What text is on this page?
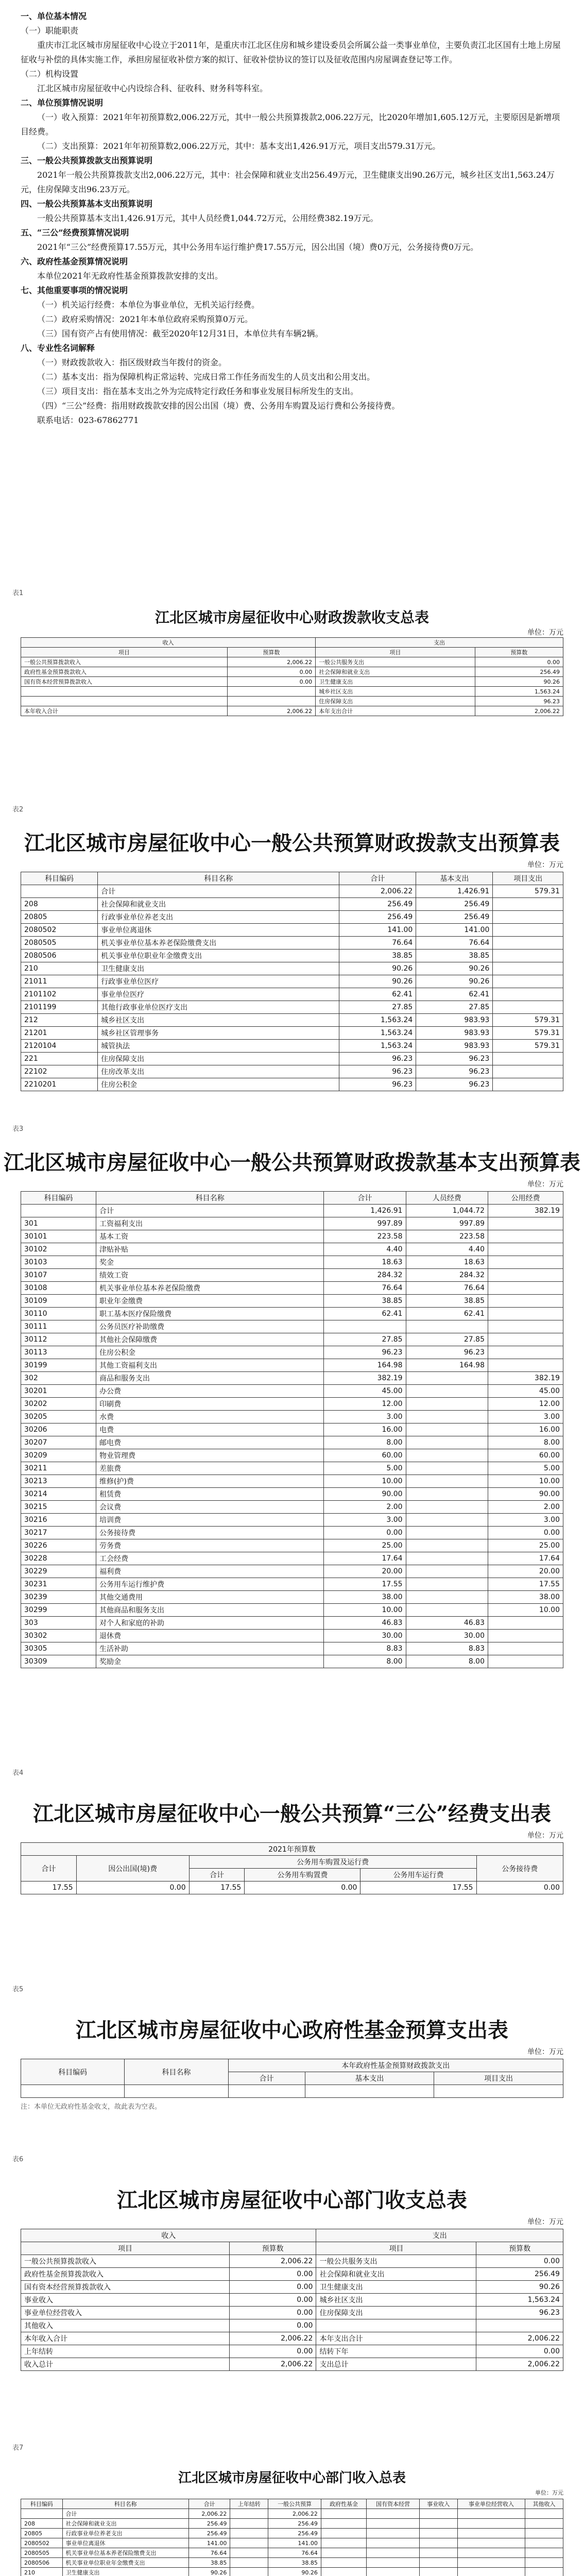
一、单位基本情况

（一）职能职责

重庆市江北区城市房屋征收中心设立于2011年，是重庆市江北区住房和城乡建设委员会所属公益一类事业单位，主要负责江北区国有土地上房屋征收与补偿的具体实施工作，承担房屋征收补偿方案的拟订、征收补偿协议的签订以及征收范围内房屋调查登记等工作。

（二）机构设置

江北区城市房屋征收中心内设综合科、征收科、财务科等科室。

二、单位预算情况说明

（一）收入预算：2021年年初预算数2,006.22万元，其中一般公共预算拨款2,006.22万元，比2020年增加1,605.12万元，主要原因是新增项目经费。

（二）支出预算：2021年年初预算数2,006.22万元，其中：基本支出1,426.91万元，项目支出579.31万元。

三、一般公共预算拨款支出预算说明

2021年一般公共预算拨款支出2,006.22万元，其中：社会保障和就业支出256.49万元，卫生健康支出90.26万元，城乡社区支出1,563.24万元，住房保障支出96.23万元。

四、一般公共预算基本支出预算说明

一般公共预算基本支出1,426.91万元，其中人员经费1,044.72万元，公用经费382.19万元。

五、“三公”经费预算情况说明

2021年“三公”经费预算17.55万元，其中公务用车运行维护费17.55万元，因公出国（境）费0万元，公务接待费0万元。

六、政府性基金预算情况说明

本单位2021年无政府性基金预算拨款安排的支出。

七、其他重要事项的情况说明

（一）机关运行经费：本单位为事业单位，无机关运行经费。

（二）政府采购情况：2021年本单位政府采购预算0万元。

（三）国有资产占有使用情况：截至2020年12月31日，本单位共有车辆2辆。

八、专业性名词解释

（一）财政拨款收入：指区级财政当年拨付的资金。

（二）基本支出：指为保障机构正常运转、完成日常工作任务而发生的人员支出和公用支出。

（三）项目支出：指在基本支出之外为完成特定行政任务和事业发展目标所发生的支出。

（四）“三公”经费：指用财政拨款安排的因公出国（境）费、公务用车购置及运行费和公务接待费。

联系电话：023-67862771

表1

江北区城市房屋征收中心财政拨款收支总表

单位：万元

收入		支出	
项目	预算数	项目	预算数
一般公共预算拨款收入	2,006.22	一般公共服务支出	0.00
政府性基金预算拨款收入	0.00	社会保障和就业支出	256.49
国有资本经营预算拨款收入	0.00	卫生健康支出	90.26
		城乡社区支出	1,563.24
		住房保障支出	96.23
本年收入合计	2,006.22	本年支出合计	2,006.22
表2

江北区城市房屋征收中心一般公共预算财政拨款支出预算表

单位：万元

科目编码	科目名称	合计	基本支出	项目支出
	合计	2,006.22	1,426.91	579.31
208	社会保障和就业支出	256.49	256.49	
20805	行政事业单位养老支出	256.49	256.49	
2080502	事业单位离退休	141.00	141.00	
2080505	机关事业单位基本养老保险缴费支出	76.64	76.64	
2080506	机关事业单位职业年金缴费支出	38.85	38.85	
210	卫生健康支出	90.26	90.26	
21011	行政事业单位医疗	90.26	90.26	
2101102	事业单位医疗	62.41	62.41	
2101199	其他行政事业单位医疗支出	27.85	27.85	
212	城乡社区支出	1,563.24	983.93	579.31
21201	城乡社区管理事务	1,563.24	983.93	579.31
2120104	城管执法	1,563.24	983.93	579.31
221	住房保障支出	96.23	96.23	
22102	住房改革支出	96.23	96.23	
2210201	住房公积金	96.23	96.23	
表3

江北区城市房屋征收中心一般公共预算财政拨款基本支出预算表

单位：万元

科目编码	科目名称	合计	人员经费	公用经费
	合计	1,426.91	1,044.72	382.19
301	工资福利支出	997.89	997.89	
30101	基本工资	223.58	223.58	
30102	津贴补贴	4.40	4.40	
30103	奖金	18.63	18.63	
30107	绩效工资	284.32	284.32	
30108	机关事业单位基本养老保险缴费	76.64	76.64	
30109	职业年金缴费	38.85	38.85	
30110	职工基本医疗保险缴费	62.41	62.41	
30111	公务员医疗补助缴费			
30112	其他社会保障缴费	27.85	27.85	
30113	住房公积金	96.23	96.23	
30199	其他工资福利支出	164.98	164.98	
302	商品和服务支出	382.19		382.19
30201	办公费	45.00		45.00
30202	印刷费	12.00		12.00
30205	水费	3.00		3.00
30206	电费	16.00		16.00
30207	邮电费	8.00		8.00
30209	物业管理费	60.00		60.00
30211	差旅费	5.00		5.00
30213	维修(护)费	10.00		10.00
30214	租赁费	90.00		90.00
30215	会议费	2.00		2.00
30216	培训费	3.00		3.00
30217	公务接待费	0.00		0.00
30226	劳务费	25.00		25.00
30228	工会经费	17.64		17.64
30229	福利费	20.00		20.00
30231	公务用车运行维护费	17.55		17.55
30239	其他交通费用	38.00		38.00
30299	其他商品和服务支出	10.00		10.00
303	对个人和家庭的补助	46.83	46.83	
30302	退休费	30.00	30.00	
30305	生活补助	8.83	8.83	
30309	奖励金	8.00	8.00	
表4

江北区城市房屋征收中心一般公共预算“三公”经费支出表

单位：万元

2021年预算数					
合计	因公出国(境)费	公务用车购置及运行费			公务接待费
		合计	公务用车购置费	公务用车运行费	
17.55	0.00	17.55	0.00	17.55	0.00
表5

江北区城市房屋征收中心政府性基金预算支出表

单位：万元

科目编码	科目名称	本年政府性基金预算财政拨款支出		
		合计	基本支出	项目支出

注：本单位无政府性基金收支，故此表为空表。

表6

江北区城市房屋征收中心部门收支总表

单位：万元

收入		支出	
项目	预算数	项目	预算数
一般公共预算拨款收入	2,006.22	一般公共服务支出	0.00
政府性基金预算拨款收入	0.00	社会保障和就业支出	256.49
国有资本经营预算拨款收入	0.00	卫生健康支出	90.26
事业收入	0.00	城乡社区支出	1,563.24
事业单位经营收入	0.00	住房保障支出	96.23
其他收入	0.00		
本年收入合计	2,006.22	本年支出合计	2,006.22
上年结转	0.00	结转下年	0.00
收入总计	2,006.22	支出总计	2,006.22
表7

江北区城市房屋征收中心部门收入总表

单位：万元

科目编码	科目名称	合计	上年结转	一般公共预算	政府性基金	国有资本经营	事业收入	事业单位经营收入	其他收入
	合计	2,006.22		2,006.22					
208	社会保障和就业支出	256.49		256.49					
20805	行政事业单位养老支出	256.49		256.49					
2080502	事业单位离退休	141.00		141.00					
2080505	机关事业单位基本养老保险缴费支出	76.64		76.64					
2080506	机关事业单位职业年金缴费支出	38.85		38.85					
210	卫生健康支出	90.26		90.26					
